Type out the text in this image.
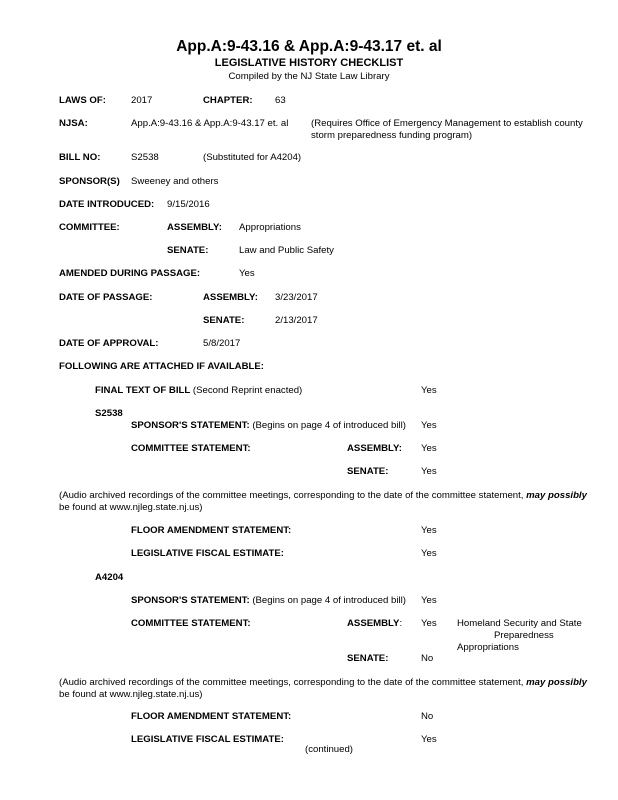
App.A:9-43.16 & App.A:9-43.17 et. al
LEGISLATIVE HISTORY CHECKLIST
Compiled by the NJ State Law Library
LAWS OF:	2017	CHAPTER: 63
NJSA:	App.A:9-43.16 & App.A:9-43.17 et. al (Requires Office of Emergency Management to establish county
storm preparedness funding program)
BILL NO:	S2538	(Substituted for A4204)
SPONSOR(S) Sweeney and others
DATE INTRODUCED: 9/15/2016
COMMITTEE:	ASSEMBLY: Appropriations
SENATE:	Law and Public Safety
AMENDED DURING PASSAGE:	Yes
DATE OF PASSAGE:	ASSEMBLY: 3/23/2017
SENATE:	2/13/2017
DATE OF APPROVAL:	5/8/2017
FOLLOWING ARE ATTACHED IF AVAILABLE:
FINAL TEXT OF BILL (Second Reprint enacted)	Yes
S2538
SPONSOR'S STATEMENT: (Begins on page 4 of introduced bill) Yes
COMMITTEE STATEMENT:	ASSEMBLY: Yes
SENATE:	Yes
(Audio archived recordings of the committee meetings, corresponding to the date of the committee statement, may possibly
be found at www.njleg.state.nj.us)
FLOOR AMENDMENT STATEMENT:	Yes
LEGISLATIVE FISCAL ESTIMATE:	Yes
A4204
SPONSOR'S STATEMENT: (Begins on page 4 of introduced bill) Yes
COMMITTEE STATEMENT:	ASSEMBLY: Yes Homeland Security and State
Preparedness
Appropriations
SENATE:	No
(Audio archived recordings of the committee meetings, corresponding to the date of the committee statement, may possibly
be found at www.njleg.state.nj.us)
FLOOR AMENDMENT STATEMENT:	No
LEGISLATIVE FISCAL ESTIMATE:	Yes
(continued)
